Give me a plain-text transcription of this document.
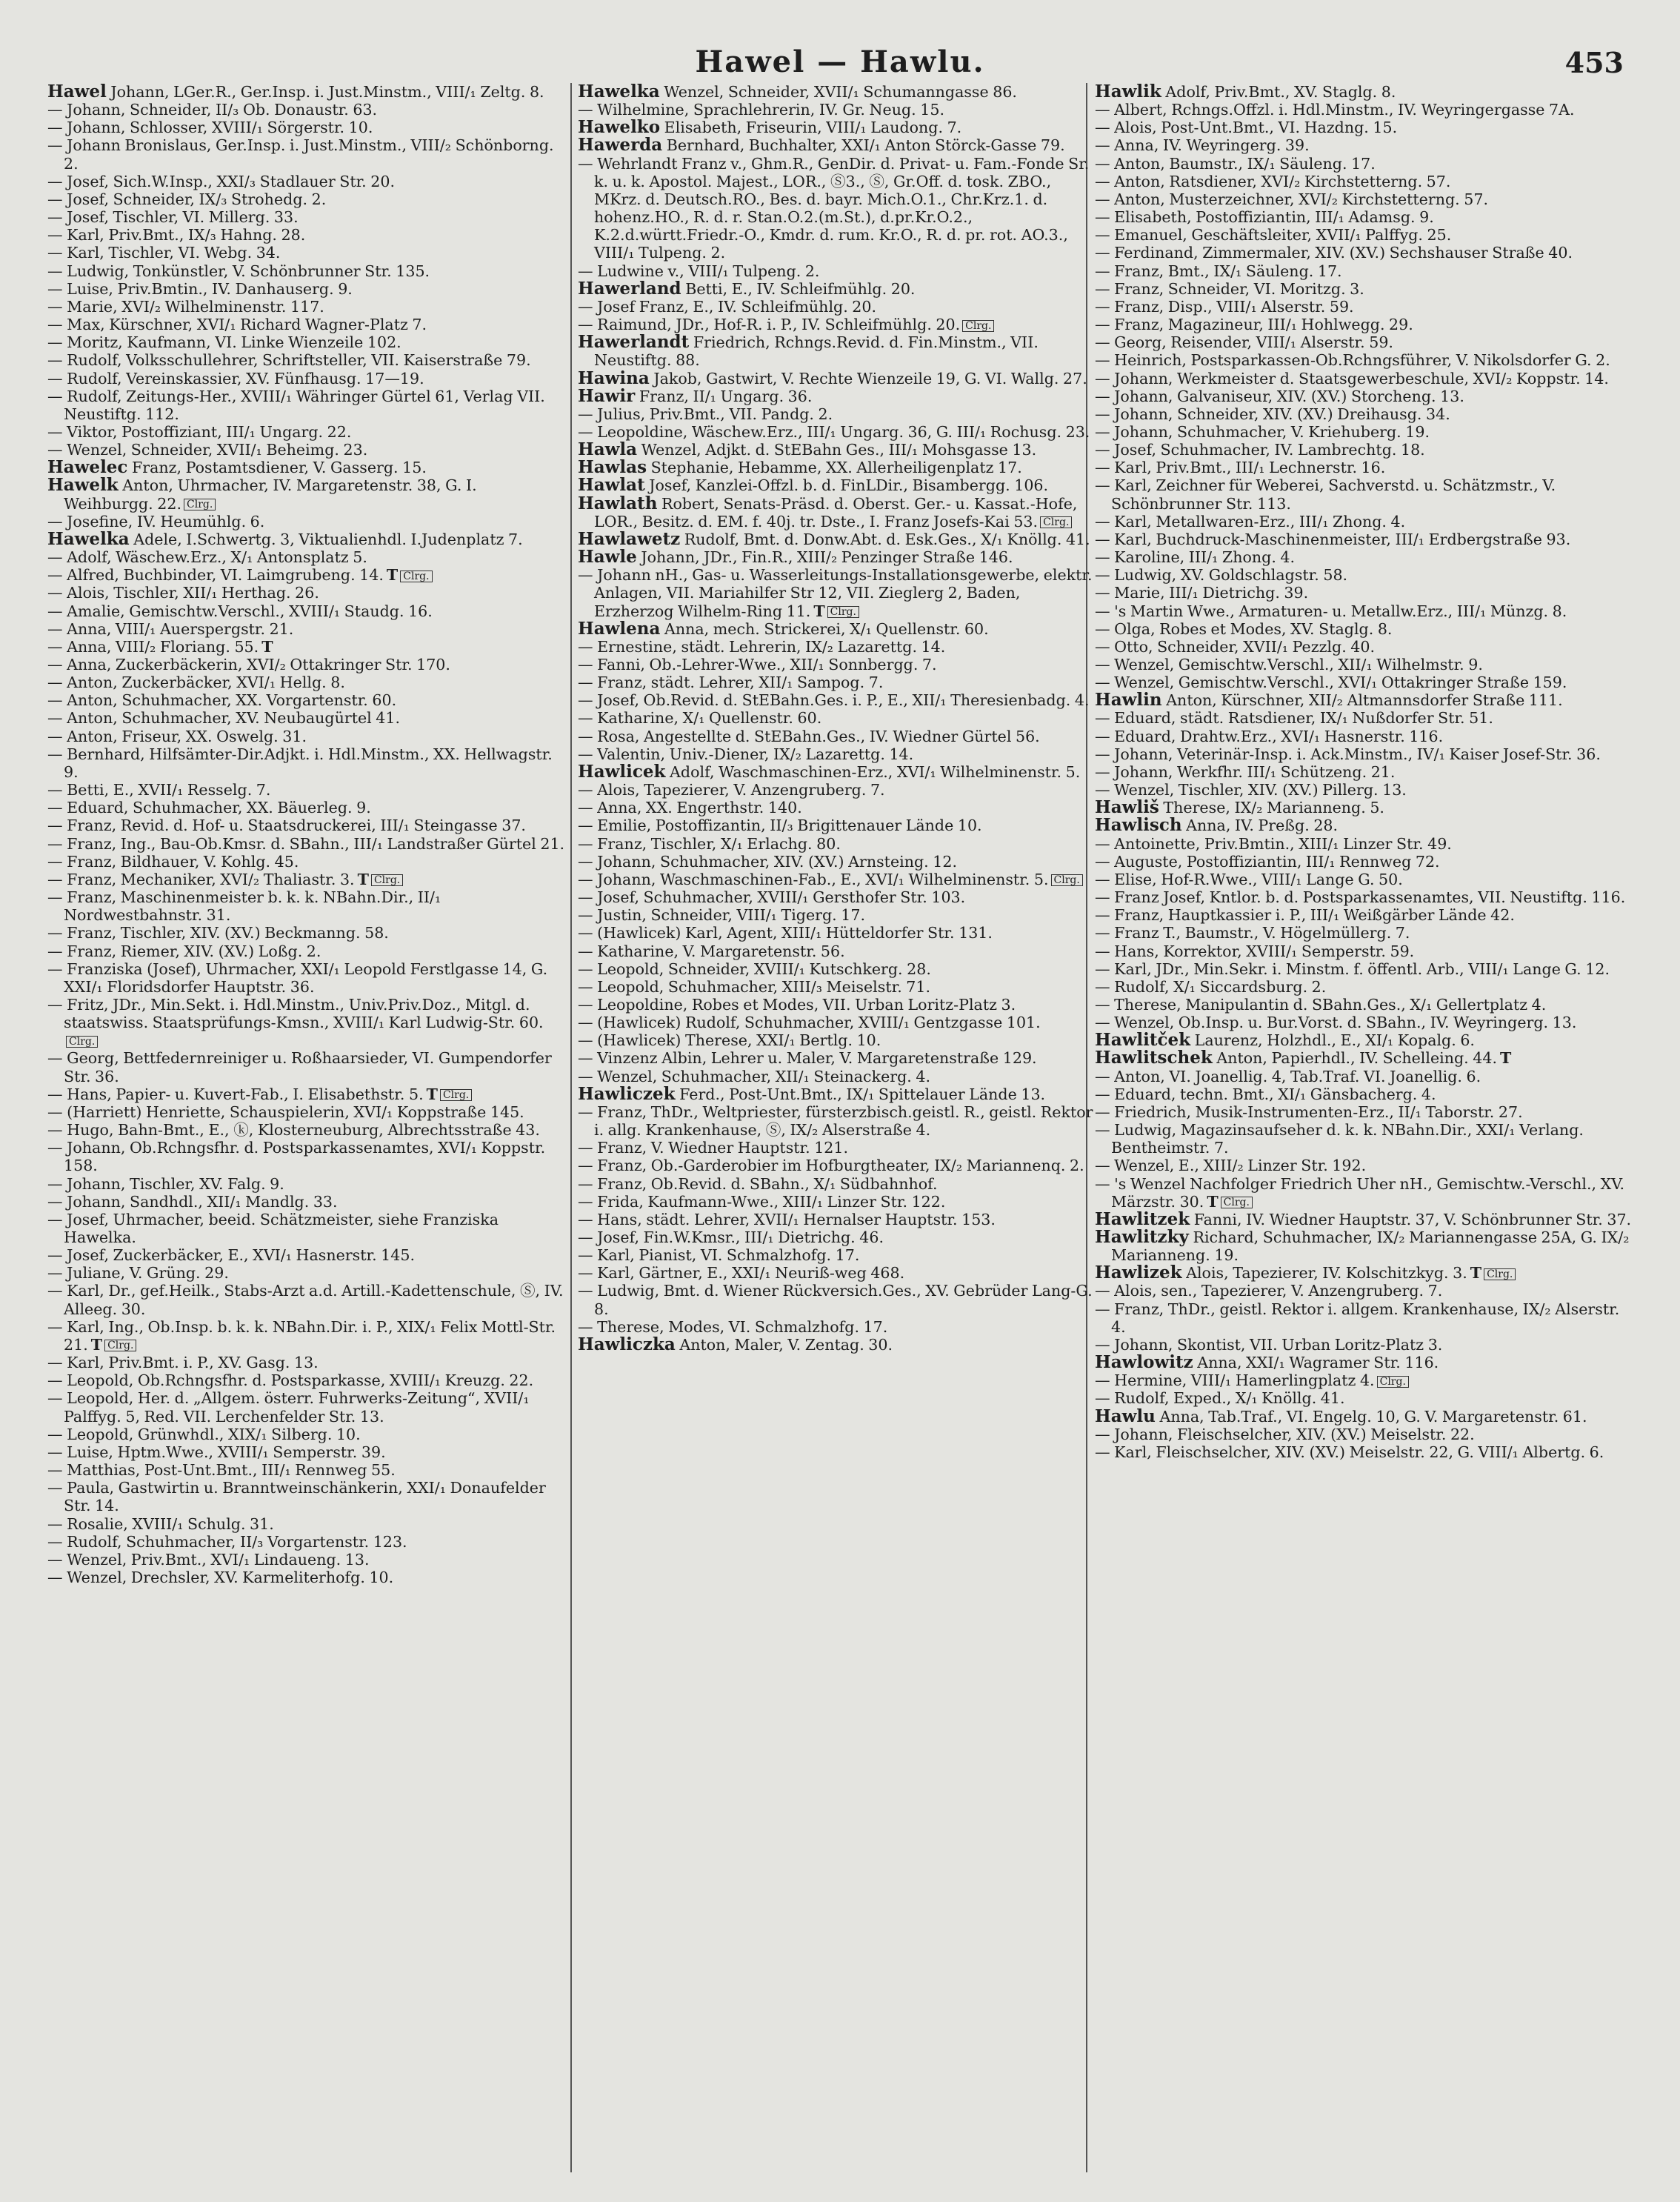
Hawel — Hawlu.	453
Hawel Johann, LGer.R., Ger.Insp. i. Just.Minstm., VIII/₁ Zeltg. 8.
— Johann, Schneider, II/₃ Ob. Donaustr. 63.
— Johann, Schlosser, XVIII/₁ Sörgerstr. 10.
— Johann Bronislaus, Ger.Insp. i. Just.Minstm., VIII/₂ Schönborng. 2.
— Josef, Sich.W.Insp., XXI/₃ Stadlauer Str. 20.
— Josef, Schneider, IX/₃ Strohedg. 2.
— Josef, Tischler, VI. Millerg. 33.
— Karl, Priv.Bmt., IX/₃ Hahng. 28.
— Karl, Tischler, VI. Webg. 34.
— Ludwig, Tonkünstler, V. Schönbrunner Str. 135.
— Luise, Priv.Bmtin., IV. Danhauserg. 9.
— Marie, XVI/₂ Wilhelminenstr. 117.
— Max, Kürschner, XVI/₁ Richard Wagner-Platz 7.
— Moritz, Kaufmann, VI. Linke Wienzeile 102.
— Rudolf, Volksschullehrer, Schriftsteller, VII. Kaiserstraße 79.
— Rudolf, Vereinskassier, XV. Fünfhausg. 17—19.
— Rudolf, Zeitungs-Her., XVIII/₁ Währinger Gürtel 61, Verlag VII. Neustiftg. 112.
— Viktor, Postoffiziant, III/₁ Ungarg. 22.
— Wenzel, Schneider, XVII/₁ Beheimg. 23.
Hawelec Franz, Postamtsdiener, V. Gasserg. 15.
Hawelk Anton, Uhrmacher, IV. Margaretenstr. 38, G. I. Weihburgg. 22. Clrg.
— Josefine, IV. Heumühlg. 6.
Hawelka Adele, I.Schwertg. 3, Viktualienhdl. I.Judenplatz 7.
— Adolf, Wäschew.Erz., X/₁ Antonsplatz 5.
— Alfred, Buchbinder, VI. Laimgrubeng. 14. T Clrg.
— Alois, Tischler, XII/₁ Herthag. 26.
— Amalie, Gemischtw.Verschl., XVIII/₁ Staudg. 16.
— Anna, VIII/₁ Auerspergstr. 21.
— Anna, VIII/₂ Floriang. 55. T
— Anna, Zuckerbäckerin, XVI/₂ Ottakringer Str. 170.
— Anton, Zuckerbäcker, XVI/₁ Hellg. 8.
— Anton, Schuhmacher, XX. Vorgartenstr. 60.
— Anton, Schuhmacher, XV. Neubaugürtel 41.
— Anton, Friseur, XX. Oswelg. 31.
— Bernhard, Hilfsämter-Dir.Adjkt. i. Hdl.Minstm., XX. Hellwagstr. 9.
— Betti, E., XVII/₁ Resselg. 7.
— Eduard, Schuhmacher, XX. Bäuerleg. 9.
— Franz, Revid. d. Hof- u. Staatsdruckerei, III/₁ Steingasse 37.
— Franz, Ing., Bau-Ob.Kmsr. d. SBahn., III/₁ Landstraßer Gürtel 21.
— Franz, Bildhauer, V. Kohlg. 45.
— Franz, Mechaniker, XVI/₂ Thaliastr. 3. T Clrg.
— Franz, Maschinenmeister b. k. k. NBahn.Dir., II/₁ Nordwestbahnstr. 31.
— Franz, Tischler, XIV. (XV.) Beckmanng. 58.
— Franz, Riemer, XIV. (XV.) Loßg. 2.
— Franziska (Josef), Uhrmacher, XXI/₁ Leopold Ferstlgasse 14, G. XXI/₁ Floridsdorfer Hauptstr. 36.
— Fritz, JDr., Min.Sekt. i. Hdl.Minstm., Univ.Priv.Doz., Mitgl. d. staatswiss. Staatsprüfungs-Kmsn., XVIII/₁ Karl Ludwig-Str. 60.Clrg.
— Georg, Bettfedernreiniger u. Roßhaarsieder, VI. Gumpendorfer Str. 36.
— Hans, Papier- u. Kuvert-Fab., I. Elisabethstr. 5. T Clrg.
— (Harriett) Henriette, Schauspielerin, XVI/₁ Koppstraße 145.
— Hugo, Bahn-Bmt., E., ⓚ, Klosterneuburg, Albrechtsstraße 43.
— Johann, Ob.Rchngsfhr. d. Postsparkassenamtes, XVI/₁ Koppstr. 158.
— Johann, Tischler, XV. Falg. 9.
— Johann, Sandhdl., XII/₁ Mandlg. 33.
— Josef, Uhrmacher, beeid. Schätzmeister, siehe Franziska Hawelka.
— Josef, Zuckerbäcker, E., XVI/₁ Hasnerstr. 145.
— Juliane, V. Grüng. 29.
— Karl, Dr., gef.Heilk., Stabs-Arzt a.d. Artill.-Kadettenschule, Ⓢ, IV. Alleeg. 30.
— Karl, Ing., Ob.Insp. b. k. k. NBahn.Dir. i. P., XIX/₁ Felix Mottl-Str. 21. T Clrg.
— Karl, Priv.Bmt. i. P., XV. Gasg. 13.
— Leopold, Ob.Rchngsfhr. d. Postsparkasse, XVIII/₁ Kreuzg. 22.
— Leopold, Her. d. „Allgem. österr. Fuhrwerks-Zeitung“, XVII/₁ Palffyg. 5, Red. VII. Lerchenfelder Str. 13.
— Leopold, Grünwhdl., XIX/₁ Silberg. 10.
— Luise, Hptm.Wwe., XVIII/₁ Semperstr. 39.
— Matthias, Post-Unt.Bmt., III/₁ Rennweg 55.
— Paula, Gastwirtin u. Branntweinschänkerin, XXI/₁ Donaufelder Str. 14.
— Rosalie, XVIII/₁ Schulg. 31.
— Rudolf, Schuhmacher, II/₃ Vorgartenstr. 123.
— Wenzel, Priv.Bmt., XVI/₁ Lindaueng. 13.
— Wenzel, Drechsler, XV. Karmeliterhofg. 10.
Hawelka Wenzel, Schneider, XVII/₁ Schumanngasse 86.
— Wilhelmine, Sprachlehrerin, IV. Gr. Neug. 15.
Hawelko Elisabeth, Friseurin, VIII/₁ Laudong. 7.
Hawerda Bernhard, Buchhalter, XXI/₁ Anton Störck-Gasse 79.
— Wehrlandt Franz v., Ghm.R., GenDir. d. Privat- u. Fam.-Fonde Sr. k. u. k. Apostol. Majest., LOR., Ⓢ3., Ⓢ, Gr.Off. d. tosk. ZBO., MKrz. d. Deutsch.RO., Bes. d. bayr. Mich.O.1., Chr.Krz.1. d. hohenz.HO., R. d. r. Stan.O.2.(m.St.), d.pr.Kr.O.2., K.2.d.württ.Friedr.-O., Kmdr. d. rum. Kr.O., R. d. pr. rot. AO.3., VIII/₁ Tulpeng. 2.
— Ludwine v., VIII/₁ Tulpeng. 2.
Hawerland Betti, E., IV. Schleifmühlg. 20.
— Josef Franz, E., IV. Schleifmühlg. 20.
— Raimund, JDr., Hof-R. i. P., IV. Schleifmühlg. 20. Clrg.
Hawerlandt Friedrich, Rchngs.Revid. d. Fin.Minstm., VII. Neustiftg. 88.
Hawina Jakob, Gastwirt, V. Rechte Wienzeile 19, G. VI. Wallg. 27.
Hawir Franz, II/₁ Ungarg. 36.
— Julius, Priv.Bmt., VII. Pandg. 2.
— Leopoldine, Wäschew.Erz., III/₁ Ungarg. 36, G. III/₁ Rochusg. 23.
Hawla Wenzel, Adjkt. d. StEBahn Ges., III/₁ Mohsgasse 13.
Hawlas Stephanie, Hebamme, XX. Allerheiligenplatz 17.
Hawlat Josef, Kanzlei-Offzl. b. d. FinLDir., Bisambergg. 106.
Hawlath Robert, Senats-Präsd. d. Oberst. Ger.- u. Kassat.-Hofe, LOR., Besitz. d. EM. f. 40j. tr. Dste., I. Franz Josefs-Kai 53. Clrg.
Hawlawetz Rudolf, Bmt. d. Donw.Abt. d. Esk.Ges., X/₁ Knöllg. 41.
Hawle Johann, JDr., Fin.R., XIII/₂ Penzinger Straße 146.
— Johann nH., Gas- u. Wasserleitungs-Installationsgewerbe, elektr. Anlagen, VII. Mariahilfer Str 12, VII. Zieglerg 2, Baden, Erzherzog Wilhelm-Ring 11. T Clrg.
Hawlena Anna, mech. Strickerei, X/₁ Quellenstr. 60.
— Ernestine, städt. Lehrerin, IX/₂ Lazarettg. 14.
— Fanni, Ob.-Lehrer-Wwe., XII/₁ Sonnbergg. 7.
— Franz, städt. Lehrer, XII/₁ Sampog. 7.
— Josef, Ob.Revid. d. StEBahn.Ges. i. P., E., XII/₁ Theresienbadg. 4.
— Katharine, X/₁ Quellenstr. 60.
— Rosa, Angestellte d. StEBahn.Ges., IV. Wiedner Gürtel 56.
— Valentin, Univ.-Diener, IX/₂ Lazarettg. 14.
Hawlicek Adolf, Waschmaschinen-Erz., XVI/₁ Wilhelminenstr. 5.
— Alois, Tapezierer, V. Anzengruberg. 7.
— Anna, XX. Engerthstr. 140.
— Emilie, Postoffizantin, II/₃ Brigittenauer Lände 10.
— Franz, Tischler, X/₁ Erlachg. 80.
— Johann, Schuhmacher, XIV. (XV.) Arnsteing. 12.
— Johann, Waschmaschinen-Fab., E., XVI/₁ Wilhelminenstr. 5. Clrg.
— Josef, Schuhmacher, XVIII/₁ Gersthofer Str. 103.
— Justin, Schneider, VIII/₁ Tigerg. 17.
— (Hawlicek) Karl, Agent, XIII/₁ Hütteldorfer Str. 131.
— Katharine, V. Margaretenstr. 56.
— Leopold, Schneider, XVIII/₁ Kutschkerg. 28.
— Leopold, Schuhmacher, XIII/₃ Meiselstr. 71.
— Leopoldine, Robes et Modes, VII. Urban Loritz-Platz 3.
— (Hawlicek) Rudolf, Schuhmacher, XVIII/₁ Gentzgasse 101.
— (Hawlicek) Therese, XXI/₁ Bertlg. 10.
— Vinzenz Albin, Lehrer u. Maler, V. Margaretenstraße 129.
— Wenzel, Schuhmacher, XII/₁ Steinackerg. 4.
Hawliczek Ferd., Post-Unt.Bmt., IX/₁ Spittelauer Lände 13.
— Franz, ThDr., Weltpriester, fürsterzbisch.geistl. R., geistl. Rektor i. allg. Krankenhause, Ⓢ, IX/₂ Alserstraße 4.
— Franz, V. Wiedner Hauptstr. 121.
— Franz, Ob.-Garderobier im Hofburgtheater, IX/₂ Mariannenq. 2.
— Franz, Ob.Revid. d. SBahn., X/₁ Südbahnhof.
— Frida, Kaufmann-Wwe., XIII/₁ Linzer Str. 122.
— Hans, städt. Lehrer, XVII/₁ Hernalser Hauptstr. 153.
— Josef, Fin.W.Kmsr., III/₁ Dietrichg. 46.
— Karl, Pianist, VI. Schmalzhofg. 17.
— Karl, Gärtner, E., XXI/₁ Neuriß-weg 468.
— Ludwig, Bmt. d. Wiener Rückversich.Ges., XV. Gebrüder Lang-G. 8.
— Therese, Modes, VI. Schmalzhofg. 17.
Hawliczka Anton, Maler, V. Zentag. 30.
Hawlik Adolf, Priv.Bmt., XV. Staglg. 8.
— Albert, Rchngs.Offzl. i. Hdl.Minstm., IV. Weyringergasse 7A.
— Alois, Post-Unt.Bmt., VI. Hazdng. 15.
— Anna, IV. Weyringerg. 39.
— Anton, Baumstr., IX/₁ Säuleng. 17.
— Anton, Ratsdiener, XVI/₂ Kirchstetterng. 57.
— Anton, Musterzeichner, XVI/₂ Kirchstetterng. 57.
— Elisabeth, Postoffiziantin, III/₁ Adamsg. 9.
— Emanuel, Geschäftsleiter, XVII/₁ Palffyg. 25.
— Ferdinand, Zimmermaler, XIV. (XV.) Sechshauser Straße 40.
— Franz, Bmt., IX/₁ Säuleng. 17.
— Franz, Schneider, VI. Moritzg. 3.
— Franz, Disp., VIII/₁ Alserstr. 59.
— Franz, Magazineur, III/₁ Hohlwegg. 29.
— Georg, Reisender, VIII/₁ Alserstr. 59.
— Heinrich, Postsparkassen-Ob.Rchngsführer, V. Nikolsdorfer G. 2.
— Johann, Werkmeister d. Staatsgewerbeschule, XVI/₂ Koppstr. 14.
— Johann, Galvaniseur, XIV. (XV.) Storcheng. 13.
— Johann, Schneider, XIV. (XV.) Dreihausg. 34.
— Johann, Schuhmacher, V. Kriehuberg. 19.
— Josef, Schuhmacher, IV. Lambrechtg. 18.
— Karl, Priv.Bmt., III/₁ Lechnerstr. 16.
— Karl, Zeichner für Weberei, Sachverstd. u. Schätzmstr., V. Schönbrunner Str. 113.
— Karl, Metallwaren-Erz., III/₁ Zhong. 4.
— Karl, Buchdruck-Maschinenmeister, III/₁ Erdbergstraße 93.
— Karoline, III/₁ Zhong. 4.
— Ludwig, XV. Goldschlagstr. 58.
— Marie, III/₁ Dietrichg. 39.
— 's Martin Wwe., Armaturen- u. Metallw.Erz., III/₁ Münzg. 8.
— Olga, Robes et Modes, XV. Staglg. 8.
— Otto, Schneider, XVII/₁ Pezzlg. 40.
— Wenzel, Gemischtw.Verschl., XII/₁ Wilhelmstr. 9.
— Wenzel, Gemischtw.Verschl., XVI/₁ Ottakringer Straße 159.
Hawlin Anton, Kürschner, XII/₂ Altmannsdorfer Straße 111.
— Eduard, städt. Ratsdiener, IX/₁ Nußdorfer Str. 51.
— Eduard, Drahtw.Erz., XVI/₁ Hasnerstr. 116.
— Johann, Veterinär-Insp. i. Ack.Minstm., IV/₁ Kaiser Josef-Str. 36.
— Johann, Werkfhr. III/₁ Schützeng. 21.
— Wenzel, Tischler, XIV. (XV.) Pillerg. 13.
Hawliš Therese, IX/₂ Marianneng. 5.
Hawlisch Anna, IV. Preßg. 28.
— Antoinette, Priv.Bmtin., XIII/₁ Linzer Str. 49.
— Auguste, Postoffiziantin, III/₁ Rennweg 72.
— Elise, Hof-R.Wwe., VIII/₁ Lange G. 50.
— Franz Josef, Kntlor. b. d. Postsparkassenamtes, VII. Neustiftg. 116.
— Franz, Hauptkassier i. P., III/₁ Weißgärber Lände 42.
— Franz T., Baumstr., V. Högelmüllerg. 7.
— Hans, Korrektor, XVIII/₁ Semperstr. 59.
— Karl, JDr., Min.Sekr. i. Minstm. f. öffentl. Arb., VIII/₁ Lange G. 12.
— Rudolf, X/₁ Siccardsburg. 2.
— Therese, Manipulantin d. SBahn.Ges., X/₁ Gellertplatz 4.
— Wenzel, Ob.Insp. u. Bur.Vorst. d. SBahn., IV. Weyringerg. 13.
Hawlitček Laurenz, Holzhdl., E., XI/₁ Kopalg. 6.
Hawlitschek Anton, Papierhdl., IV. Schelleing. 44. T
— Anton, VI. Joanellig. 4, Tab.Traf. VI. Joanellig. 6.
— Eduard, techn. Bmt., XI/₁ Gänsbacherg. 4.
— Friedrich, Musik-Instrumenten-Erz., II/₁ Taborstr. 27.
— Ludwig, Magazinsaufseher d. k. k. NBahn.Dir., XXI/₁ Verlang. Bentheimstr. 7.
— Wenzel, E., XIII/₂ Linzer Str. 192.
— 's Wenzel Nachfolger Friedrich Uher nH., Gemischtw.-Verschl., XV. Märzstr. 30. T Clrg.
Hawlitzek Fanni, IV. Wiedner Hauptstr. 37, V. Schönbrunner Str. 37.
Hawlitzky Richard, Schuhmacher, IX/₂ Mariannengasse 25A, G. IX/₂ Marianneng. 19.
Hawlizek Alois, Tapezierer, IV. Kolschitzkyg. 3. T Clrg.
— Alois, sen., Tapezierer, V. Anzengruberg. 7.
— Franz, ThDr., geistl. Rektor i. allgem. Krankenhause, IX/₂ Alserstr. 4.
— Johann, Skontist, VII. Urban Loritz-Platz 3.
Hawlowitz Anna, XXI/₁ Wagramer Str. 116.
— Hermine, VIII/₁ Hamerlingplatz 4. Clrg.
— Rudolf, Exped., X/₁ Knöllg. 41.
Hawlu Anna, Tab.Traf., VI. Engelg. 10, G. V. Margaretenstr. 61.
— Johann, Fleischselcher, XIV. (XV.) Meiselstr. 22.
— Karl, Fleischselcher, XIV. (XV.) Meiselstr. 22, G. VIII/₁ Albertg. 6.
